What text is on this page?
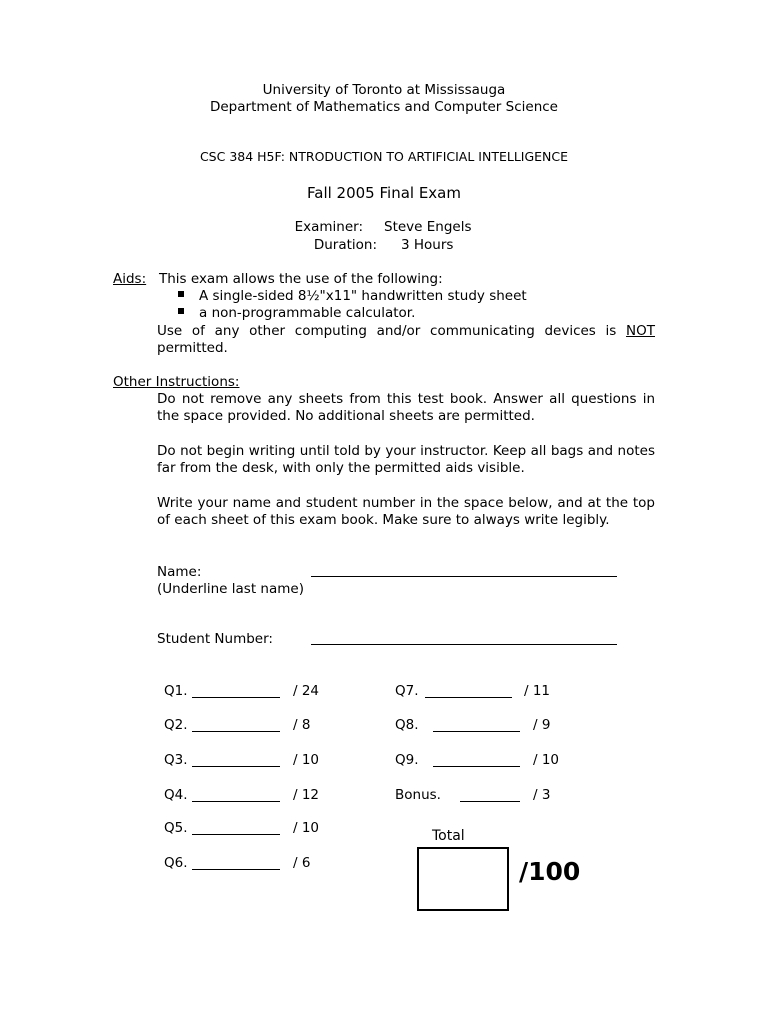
University of Toronto at Mississauga
Department of Mathematics and Computer Science
CSC 384 H5F: NTRODUCTION TO ARTIFICIAL INTELLIGENCE
Fall 2005 Final Exam
Examiner: Steve Engels
Duration: 3 Hours
Aids: This exam allows the use of the following:
A single-sided 8½"x11" handwritten study sheet
a non-programmable calculator.
Use of any other computing and/or communicating devices is NOT permitted.
Other Instructions:
Do not remove any sheets from this test book. Answer all questions in the space provided. No additional sheets are permitted.
Do not begin writing until told by your instructor. Keep all bags and notes far from the desk, with only the permitted aids visible.
Write your name and student number in the space below, and at the top of each sheet of this exam book. Make sure to always write legibly.
Name:
(Underline last name)
Student Number:
Q1.	/ 24
Q2.	/ 8
Q3.	/ 10
Q4.	/ 12
Q5.	/ 10
Q6.	/ 6
Q7.	/ 11
Q8.	/ 9
Q9.	/ 10
Bonus.	/ 3
Total
/100
